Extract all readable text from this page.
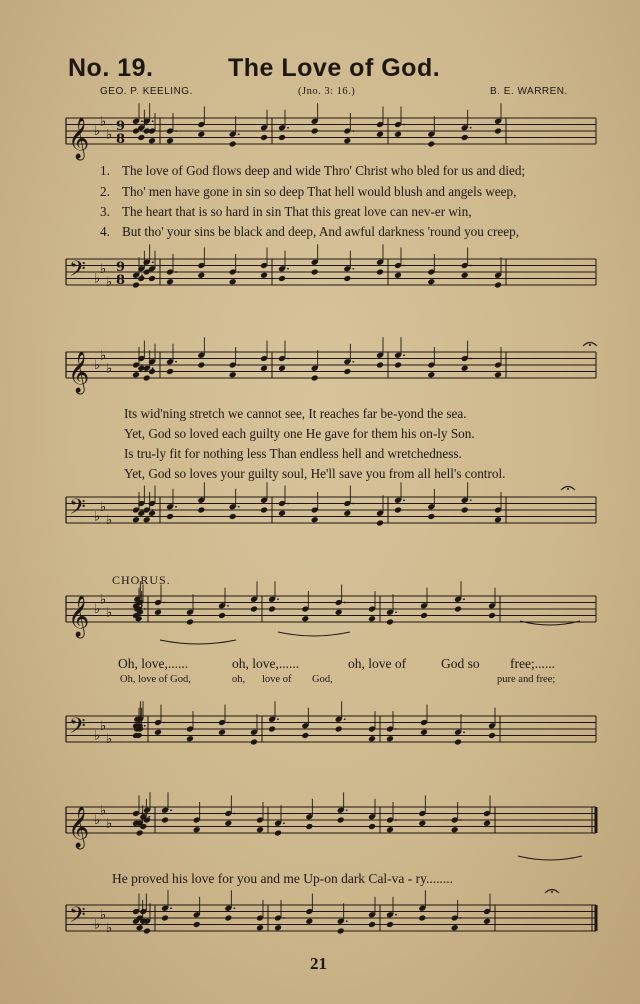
𝄞 ♭
♭
♭
9
8
𝄢 ♭
♭
♭
9
8
𝄞 ♭
♭
♭
𝄢 ♭
♭
♭
𝄞 ♭
♭
♭
𝄢 ♭
♭
♭
𝄞 ♭
♭
♭
𝄢 ♭
♭
♭
No. 19.	The Love of God.
GEO. P. KEELING.	(Jno. 3: 16.)	B. E. WARREN.
1. The love of God flows deep and wide Thro' Christ who bled for us and died;
2. Tho' men have gone in sin so deep That hell would blush and angels weep,
3. The heart that is so hard in sin That this great love can nev-er win,
4. But tho' your sins be black and deep, And awful darkness 'round you creep,
Its wid'ning stretch we cannot see, It reaches far be-yond the sea.
Yet, God so loved each guilty one He gave for them his on-ly Son.
Is tru-ly fit for nothing less Than endless hell and wretchedness.
Yet, God so loves your guilty soul, He'll save you from all hell's control.
CHORUS.
Oh, love,......	oh, love,......	oh, love of	God so free;......
Oh, love of God,	oh, love of God,	pure and free;
He proved his love for you and me Up-on dark Cal-va - ry........
21
